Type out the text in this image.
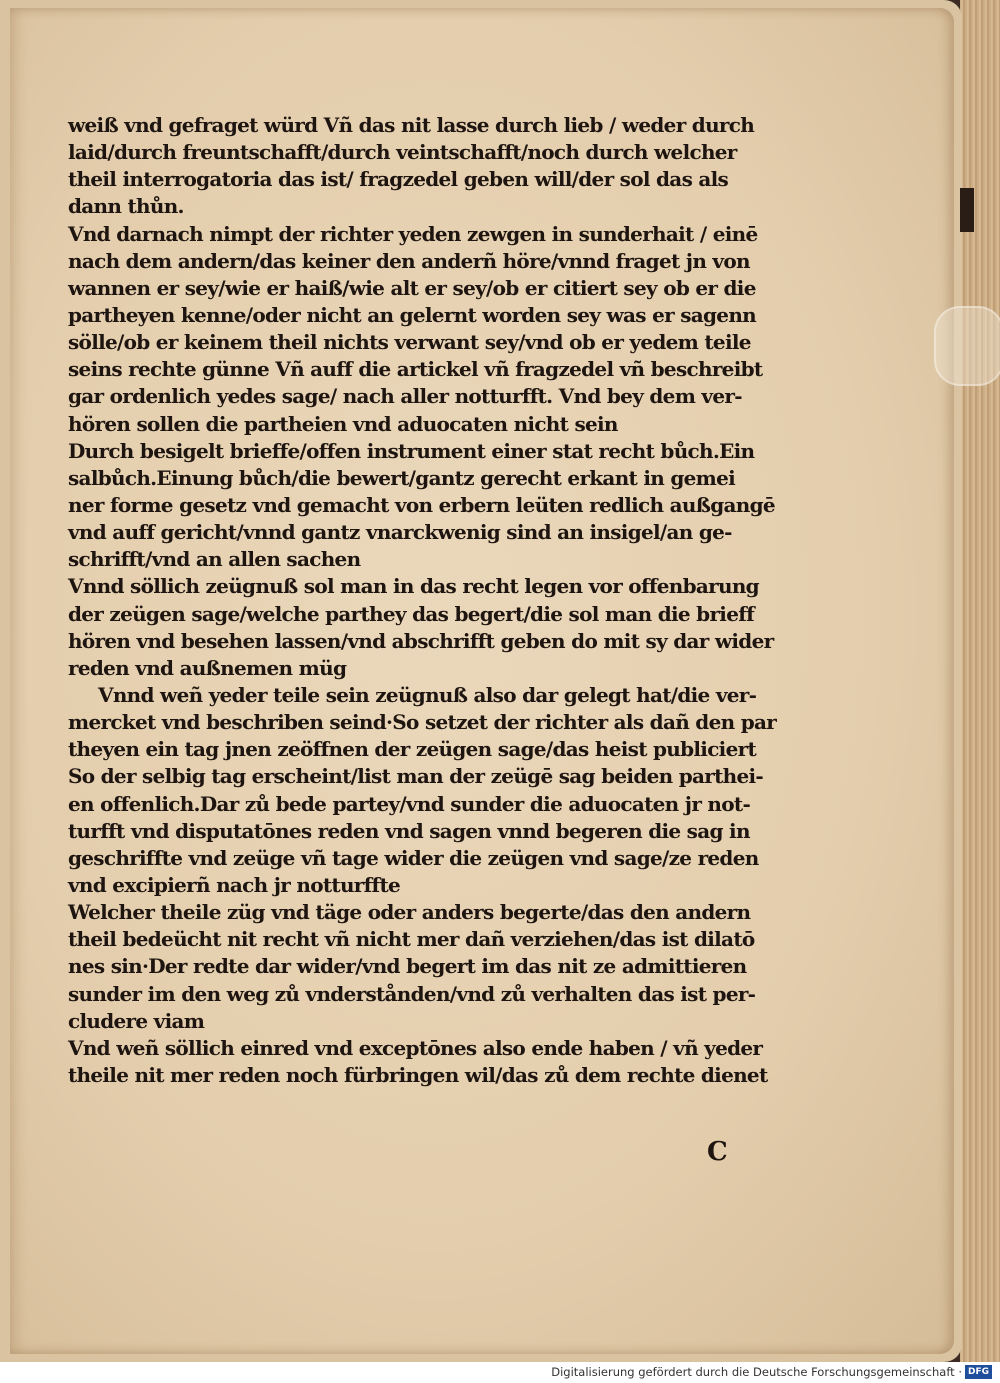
weiß vnd gefraget würd Vñ das nit lasse durch lieb / weder durch
laid/durch freuntschafft/durch veintschafft/noch durch welcher
theil interrogatoria das ist/ fragzedel geben will/der sol das als
dann thůn.
Vnd darnach nimpt der richter yeden zewgen in sunderhait / einē
nach dem andern/das keiner den anderñ höre/vnnd fraget jn von
wannen er sey/wie er haiß/wie alt er sey/ob er citiert sey ob er die
partheyen kenne/oder nicht an gelernt worden sey was er sagenn
sölle/ob er keinem theil nichts verwant sey/vnd ob er yedem teile
seins rechte günne Vñ auff die artickel vñ fragzedel vñ beschreibt
gar ordenlich yedes sage/ nach aller notturfft. Vnd bey dem ver-
hören sollen die partheien vnd aduocaten nicht sein
Durch besigelt brieffe/offen instrument einer stat recht bůch.Ein
salbůch.Einung bůch/die bewert/gantz gerecht erkant in gemei
ner forme gesetz vnd gemacht von erbern leüten redlich außgangē
vnd auff gericht/vnnd gantz vnarckwenig sind an insigel/an ge-
schrifft/vnd an allen sachen
Vnnd söllich zeügnuß sol man in das recht legen vor offenbarung
der zeügen sage/welche parthey das begert/die sol man die brieff
hören vnd besehen lassen/vnd abschrifft geben do mit sy dar wider
reden vnd außnemen müg
Vnnd weñ yeder teile sein zeügnuß also dar gelegt hat/die ver-
mercket vnd beschriben seind·So setzet der richter als dañ den par
theyen ein tag jnen zeöffnen der zeügen sage/das heist publiciert
So der selbig tag erscheint/list man der zeügē sag beiden parthei-
en offenlich.Dar zů bede partey/vnd sunder die aduocaten jr not-
turfft vnd disputatōnes reden vnd sagen vnnd begeren die sag in
geschriffte vnd zeüge vñ tage wider die zeügen vnd sage/ze reden
vnd excipierñ nach jr notturffte
Welcher theile züg vnd täge oder anders begerte/das den andern
theil bedeücht nit recht vñ nicht mer dañ verziehen/das ist dilatō
nes sin·Der redte dar wider/vnd begert im das nit ze admittieren
sunder im den weg zů vnderstånden/vnd zů verhalten das ist per-
cludere viam
Vnd weñ söllich einred vnd exceptōnes also ende haben / vñ yeder
theile nit mer reden noch fürbringen wil/das zů dem rechte dienet
C
Digitalisierung gefördert durch die Deutsche Forschungsgemeinschaft · DFG
